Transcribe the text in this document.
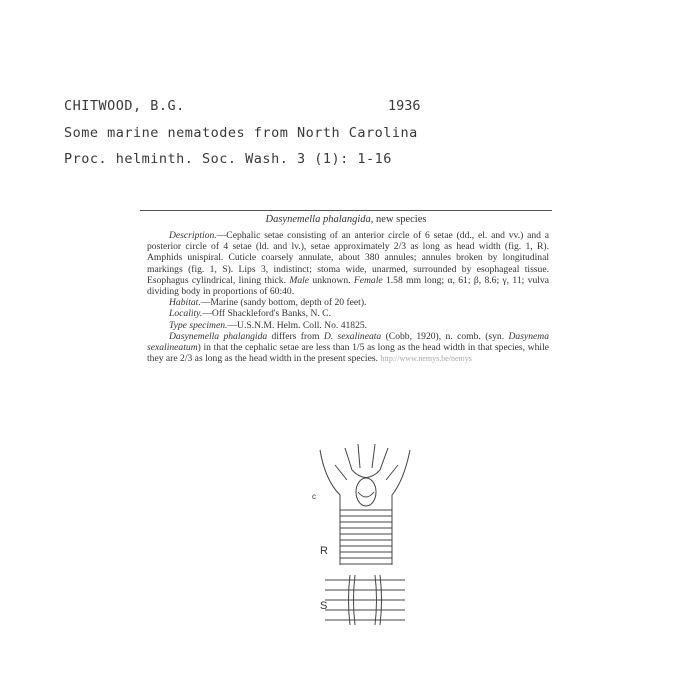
CHITWOOD, B.G.	1936
Some marine nematodes from North Carolina
Proc. helminth. Soc. Wash. 3 (1): 1-16
Dasynemella phalangida, new species

Description.—Cephalic setae consisting of an anterior circle of 6 setae (dd., el. and vv.) and a posterior circle of 4 setae (ld. and lv.), setae approximately 2/3 as long as head width (fig. 1, R). Amphids unispiral. Cuticle coarsely annulate, about 380 annules; annules broken by longitudinal markings (fig. 1, S). Lips 3, indistinct; stoma wide, unarmed, surrounded by esophageal tissue. Esophagus cylindrical, lining thick. Male unknown. Female 1.58 mm long; α, 61; β, 8.6; γ, 11; vulva dividing body in proportions of 60:40.

Habitat.—Marine (sandy bottom, depth of 20 feet).

Locality.—Off Shackleford's Banks, N. C.

Type specimen.—U.S.N.M. Helm. Coll. No. 41825.

Dasynemella phalangida differs from D. sexalineata (Cobb, 1920), n. comb. (syn. Dasynema sexalineatum) in that the cephalic setae are less than 1/5 as long as the head width in that species, while they are 2/3 as long as the head width in the present species. http://www.nemys.be/nemys

c
R
S
